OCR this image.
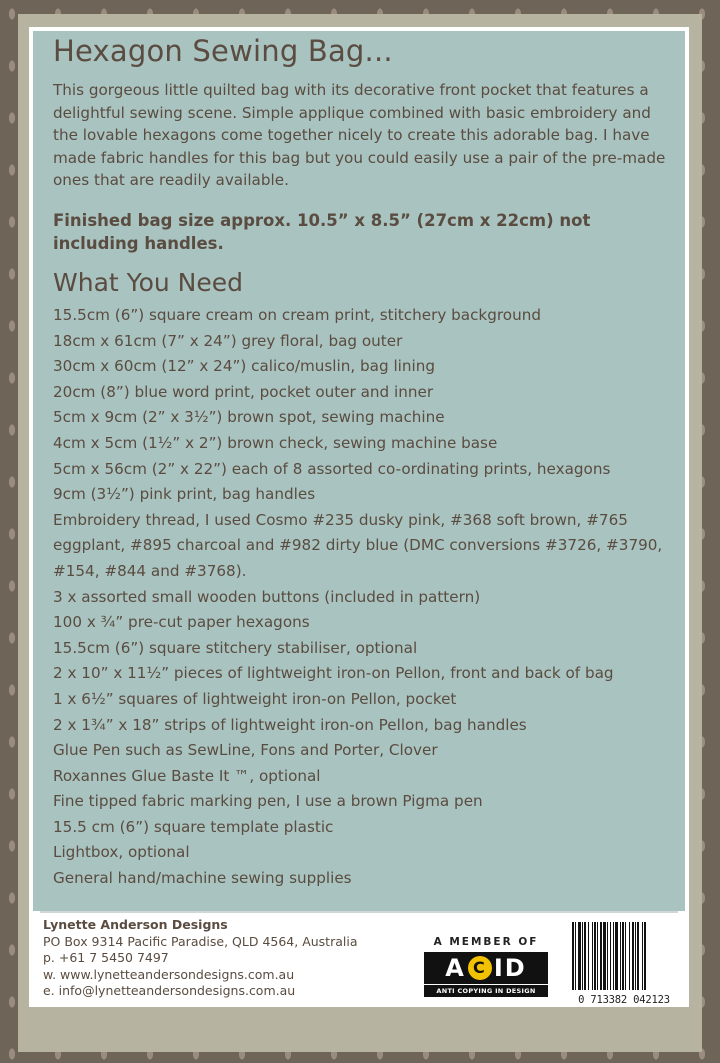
Hexagon Sewing Bag...
This gorgeous little quilted bag with its decorative front pocket that features a delightful sewing scene. Simple applique combined with basic embroidery and the lovable hexagons come together nicely to create this adorable bag. I have made fabric handles for this bag but you could easily use a pair of the pre-made ones that are readily available.
Finished bag size approx. 10.5” x 8.5” (27cm x 22cm) not including handles.
What You Need
15.5cm (6”) square cream on cream print, stitchery background
18cm x 61cm (7” x 24”) grey floral, bag outer
30cm x 60cm (12” x 24”) calico/muslin, bag lining
20cm (8”) blue word print, pocket outer and inner
5cm x 9cm (2” x 3½”) brown spot, sewing machine
4cm x 5cm (1½” x 2”) brown check, sewing machine base
5cm x 56cm (2” x 22”) each of 8 assorted co-ordinating prints, hexagons
9cm (3½”) pink print, bag handles
Embroidery thread, I used Cosmo #235 dusky pink, #368 soft brown, #765 eggplant, #895 charcoal and #982 dirty blue (DMC conversions #3726, #3790, #154, #844 and #3768).
3 x assorted small wooden buttons (included in pattern)
100 x ¾” pre-cut paper hexagons
15.5cm (6”) square stitchery stabiliser, optional
2 x 10” x 11½” pieces of lightweight iron-on Pellon, front and back of bag
1 x 6½” squares of lightweight iron-on Pellon, pocket
2 x 1¾” x 18” strips of lightweight iron-on Pellon, bag handles
Glue Pen such as SewLine, Fons and Porter, Clover
Roxannes Glue Baste It ™, optional
Fine tipped fabric marking pen, I use a brown Pigma pen
15.5 cm (6”) square template plastic
Lightbox, optional
General hand/machine sewing supplies
Lynette Anderson Designs
PO Box 9314 Pacific Paradise, QLD 4564, Australia
p. +61 7 5450 7497
w. www.lynetteandersondesigns.com.au
e. info@lynetteandersondesigns.com.au
A MEMBER OF
A C ID
ANTI COPYING IN DESIGN
0 713382 042123
